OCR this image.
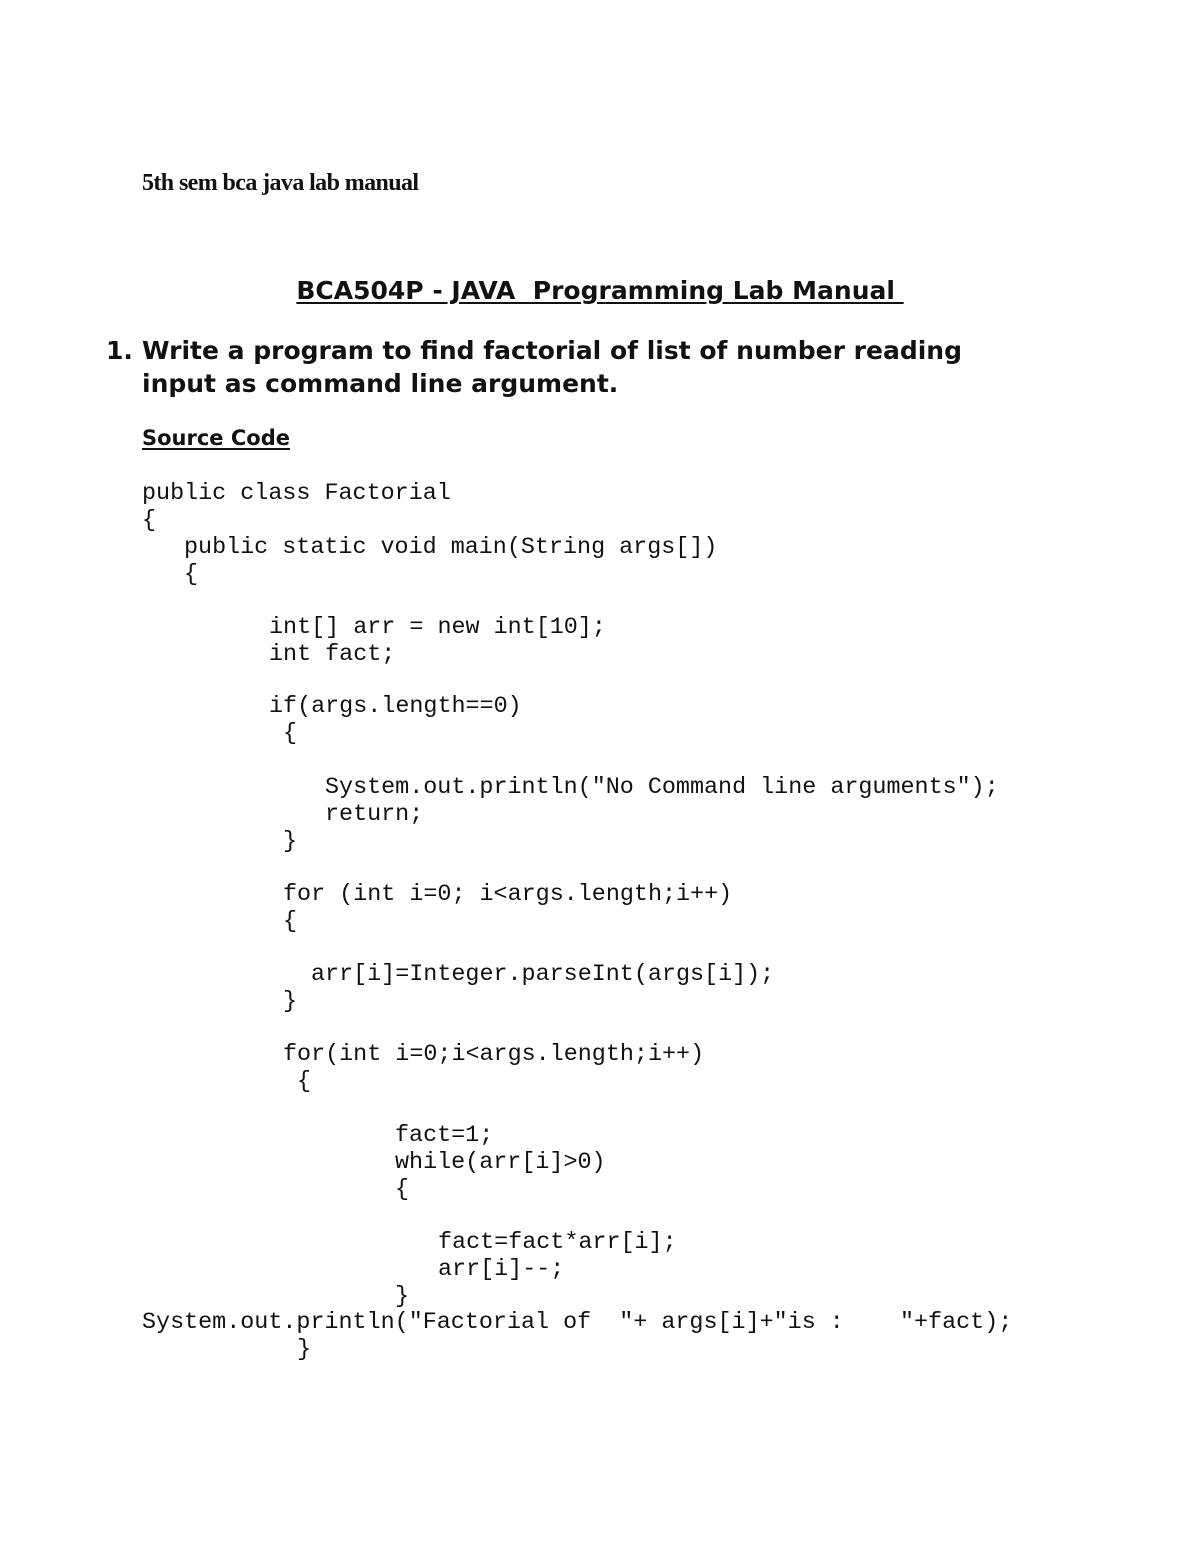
5th sem bca java lab manual
BCA504P - JAVA  Programming Lab Manual
1. Write a program to find factorial of list of number reading
input as command line argument.
Source Code
public class Factorial
{
public static void main(String args[])
{
int[] arr = new int[10];
int fact;
if(args.length==0)
{
System.out.println("No Command line arguments");
return;
}
for (int i=0; i<args.length;i++)
{
arr[i]=Integer.parseInt(args[i]);
}
for(int i=0;i<args.length;i++)
{
fact=1;
while(arr[i]>0)
{
fact=fact*arr[i];
arr[i]--;
}
System.out.println("Factorial of  "+ args[i]+"is :    "+fact);
}
